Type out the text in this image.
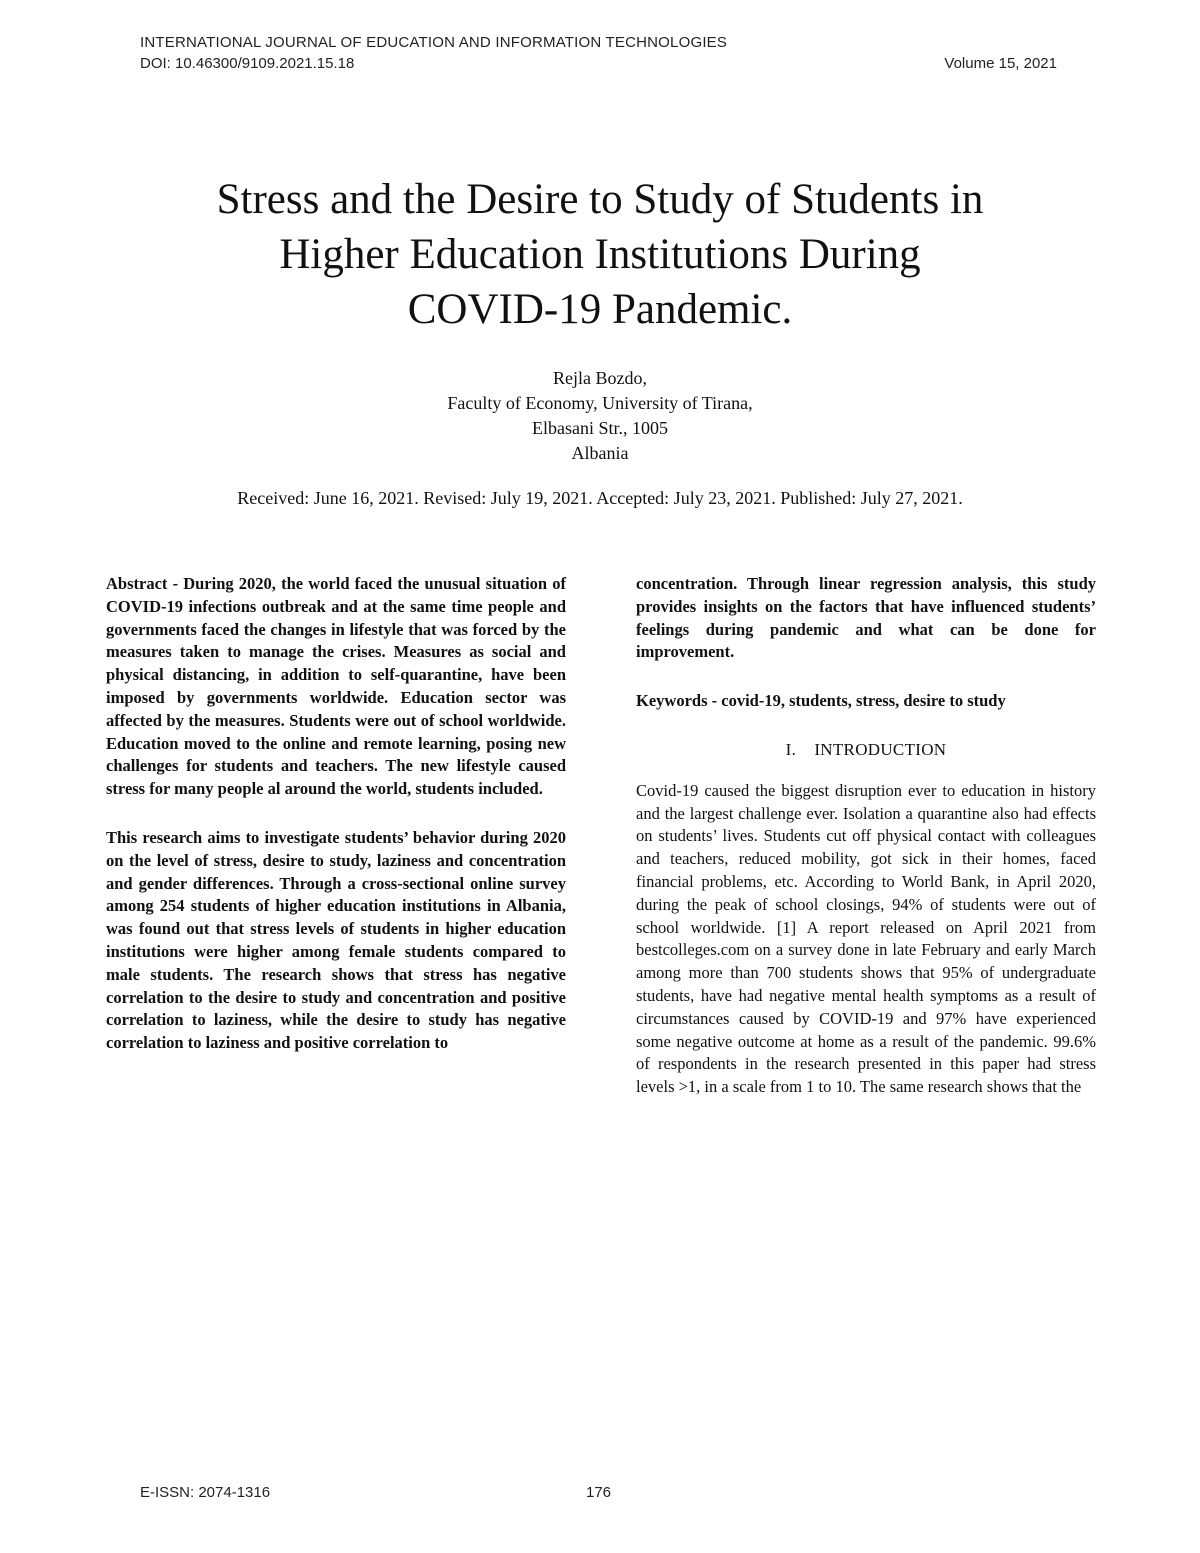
INTERNATIONAL JOURNAL OF EDUCATION AND INFORMATION TECHNOLOGIES
DOI: 10.46300/9109.2021.15.18	Volume 15, 2021
Stress and the Desire to Study of Students in
Higher Education Institutions During
COVID-19 Pandemic.
Rejla Bozdo,
Faculty of Economy, University of Tirana,
Elbasani Str., 1005
Albania
Received: June 16, 2021. Revised: July 19, 2021. Accepted: July 23, 2021. Published: July 27, 2021.

Abstract - During 2020, the world faced the unusual situation of COVID-19 infections outbreak and at the same time people and governments faced the changes in lifestyle that was forced by the measures taken to manage the crises. Measures as social and physical distancing, in addition to self-quarantine, have been imposed by governments worldwide. Education sector was affected by the measures. Students were out of school worldwide. Education moved to the online and remote learning, posing new challenges for students and teachers. The new lifestyle caused stress for many people al around the world, students included.

This research aims to investigate students’ behavior during 2020 on the level of stress, desire to study, laziness and concentration and gender differences. Through a cross-sectional online survey among 254 students of higher education institutions in Albania, was found out that stress levels of students in higher education institutions were higher among female students compared to male students. The research shows that stress has negative correlation to the desire to study and concentration and positive correlation to laziness, while the desire to study has negative correlation to laziness and positive correlation to

concentration. Through linear regression analysis, this study provides insights on the factors that have influenced students’ feelings during pandemic and what can be done for improvement.

Keywords - covid-19, students, stress, desire to study

I.    INTRODUCTION

Covid-19 caused the biggest disruption ever to education in history and the largest challenge ever. Isolation a quarantine also had effects on students’ lives. Students cut off physical contact with colleagues and teachers, reduced mobility, got sick in their homes, faced financial problems, etc. According to World Bank, in April 2020, during the peak of school closings, 94% of students were out of school worldwide. [1] A report released on April 2021 from bestcolleges.com on a survey done in late February and early March among more than 700 students shows that 95% of undergraduate students, have had negative mental health symptoms as a result of circumstances caused by COVID-19 and 97% have experienced some negative outcome at home as a result of the pandemic. 99.6% of respondents in the research presented in this paper had stress levels >1, in a scale from 1 to 10. The same research shows that the

E-ISSN: 2074-1316	176
